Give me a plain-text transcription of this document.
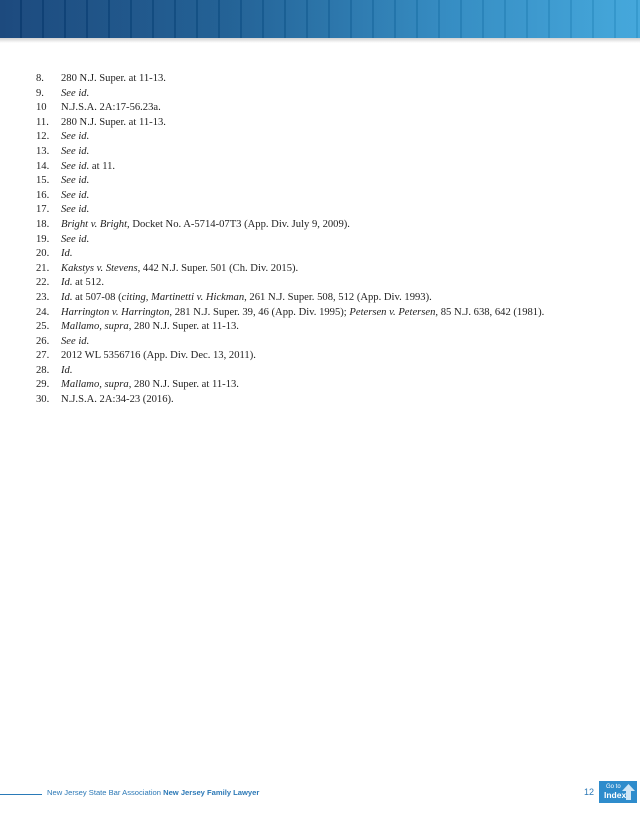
8.	280 N.J. Super. at 11-13.
9.	See id.
10	N.J.S.A. 2A:17-56.23a.
11.	280 N.J. Super. at 11-13.
12.	See id.
13.	See id.
14.	See id. at 11.
15.	See id.
16.	See id.
17.	See id.
18.	Bright v. Bright, Docket No. A-5714-07T3 (App. Div. July 9, 2009).
19.	See id.
20.	Id.
21.	Kakstys v. Stevens, 442 N.J. Super. 501 (Ch. Div. 2015).
22.	Id. at 512.
23.	Id. at 507-08 (citing, Martinetti v. Hickman, 261 N.J. Super. 508, 512 (App. Div. 1993).
24.	Harrington v. Harrington, 281 N.J. Super. 39, 46 (App. Div. 1995); Petersen v. Petersen, 85 N.J. 638, 642 (1981).
25.	Mallamo, supra, 280 N.J. Super. at 11-13.
26.	See id.
27.	2012 WL 5356716 (App. Div. Dec. 13, 2011).
28.	Id.
29.	Mallamo, supra, 280 N.J. Super. at 11-13.
30.	N.J.S.A. 2A:34-23 (2016).
New Jersey State Bar Association New Jersey Family Lawyer	12 Go to
Index
